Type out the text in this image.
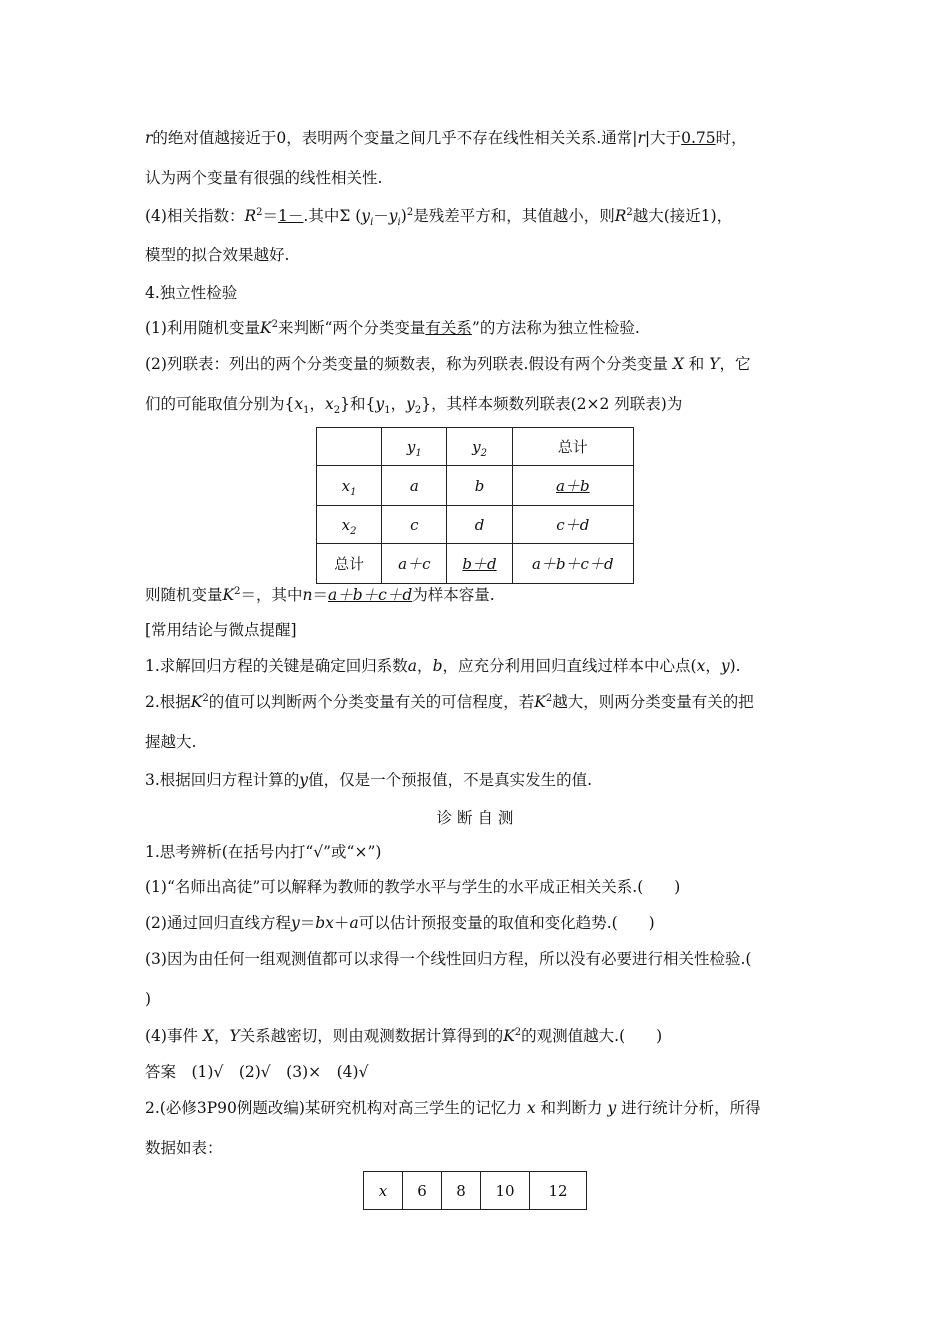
r的绝对值越接近于0，表明两个变量之间几乎不存在线性相关关系.通常|r|大于0.75时，
认为两个变量有很强的线性相关性.
(4)相关指数：$R^2=1-$.其中Σ $(y_i-y_i)^2$是残差平方和，其值越小，则$R^2$越大(接近1)，
模型的拟合效果越好.
4.独立性检验
(1)利用随机变量$K^2$来判断“两个分类变量有关系”的方法称为独立性检验.
(2)列联表：列出的两个分类变量的频数表，称为列联表.假设有两个分类变量 X 和 Y，它
们的可能取值分别为{$x_1$，$x_2$}和{$y_1$，$y_2$}，其样本频数列联表(2×2 列联表)为
	$y_1$	$y_2$	总计
$x_1$	a	b	a＋b
$x_2$	c	d	c＋d
总计	a＋c	b＋d	a＋b＋c＋d
则随机变量$K^2=$，其中n＝a＋b＋c＋d为样本容量.
[常用结论与微点提醒]
1.求解回归方程的关键是确定回归系数a，b，应充分利用回归直线过样本中心点(x，y).
2.根据$K^2$的值可以判断两个分类变量有关的可信程度，若$K^2$越大，则两分类变量有关的把
握越大.
3.根据回归方程计算的y值，仅是一个预报值，不是真实发生的值.
诊 断 自 测
1.思考辨析(在括号内打“√”或“×”)
(1)“名师出高徒”可以解释为教师的教学水平与学生的水平成正相关关系.(　　)
(2)通过回归直线方程y＝bx＋a可以估计预报变量的取值和变化趋势.(　　)
(3)因为由任何一组观测值都可以求得一个线性回归方程，所以没有必要进行相关性检验.(
)
(4)事件 X，Y关系越密切，则由观测数据计算得到的$K^2$的观测值越大.(　　)
答案　(1)√　(2)√　(3)×　(4)√
2.(必修3P90例题改编)某研究机构对高三学生的记忆力 x 和判断力 y 进行统计分析，所得
数据如表：
x	6	8	10	12
